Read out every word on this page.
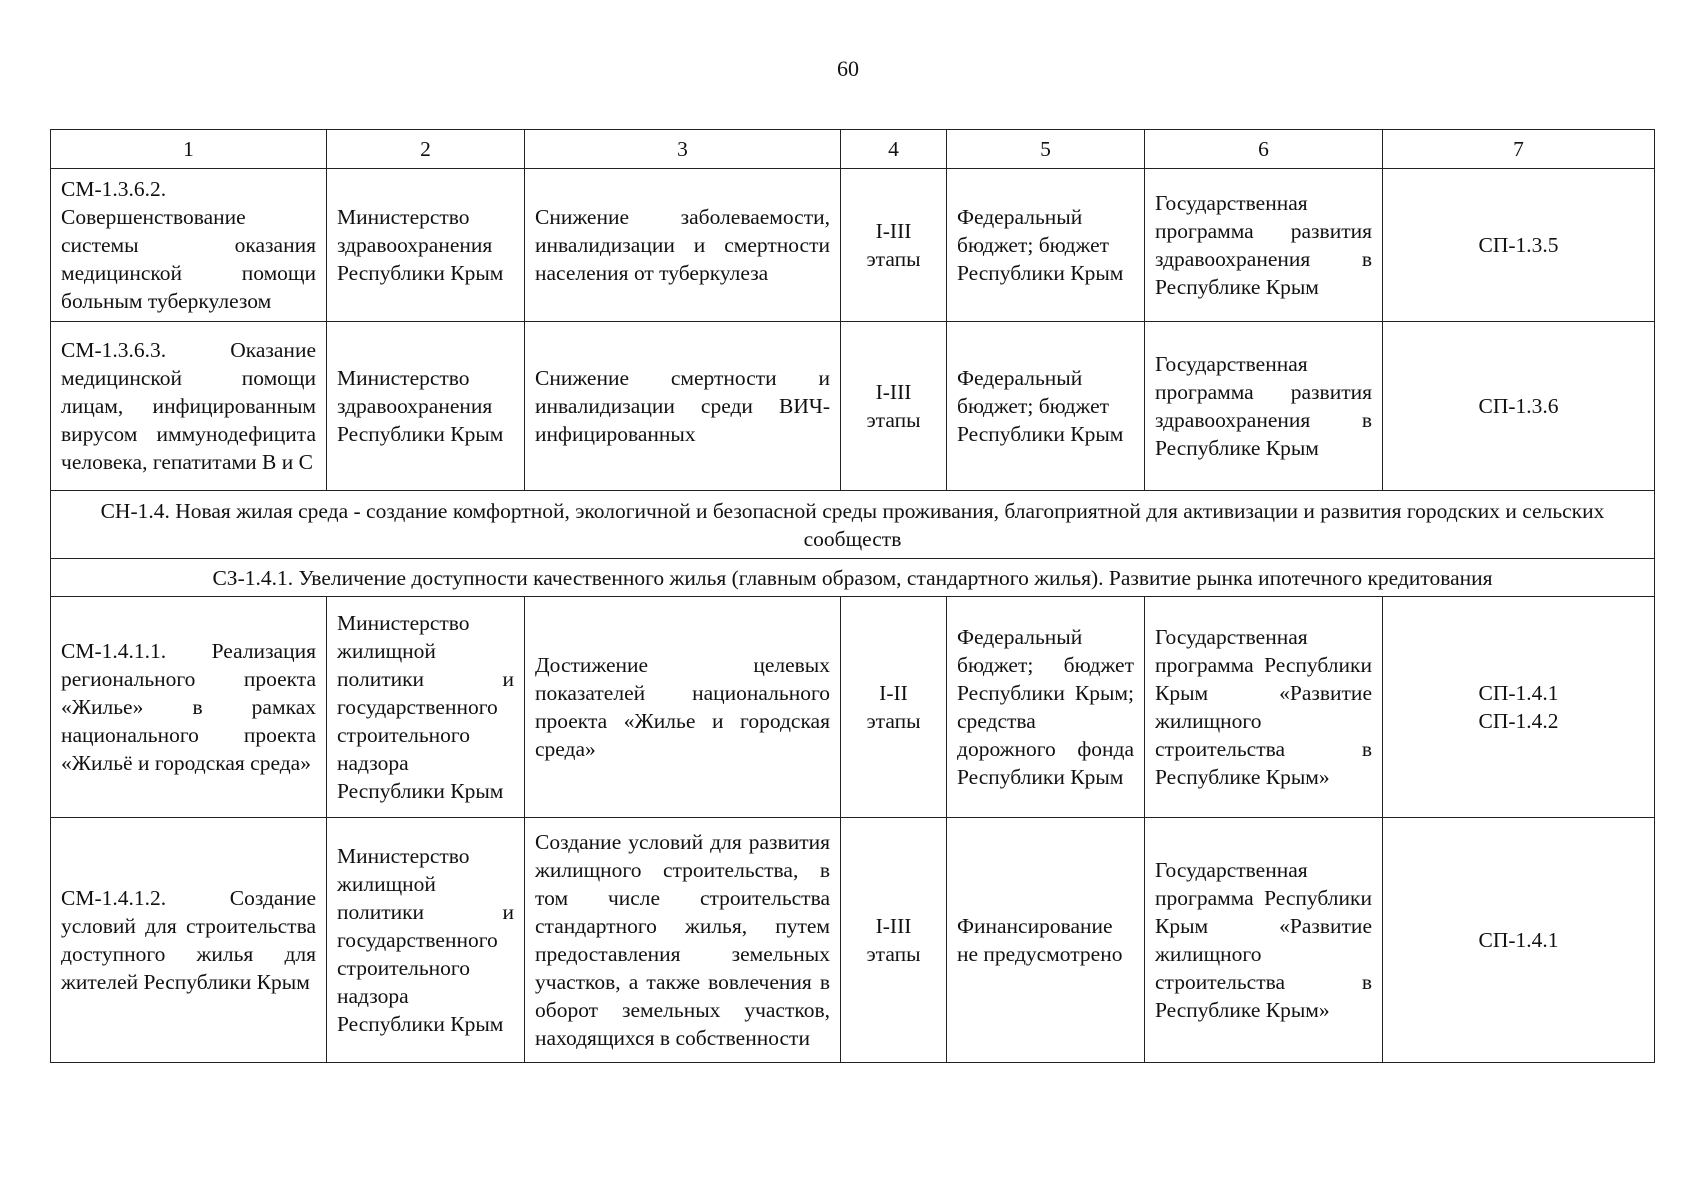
60
1	2	3	4	5	6	7
СМ-1.3.6.2. Совершенствование системы оказания медицинской помощи больным туберкулезом	Министерство здравоохранения Республики Крым	Снижение заболеваемости, инвалидизации и смертности населения от туберкулеза	I-III этапы	Федеральный бюджет; бюджет Республики Крым	Государственная программа развития здравоохранения в Республике Крым	СП-1.3.5

СМ-1.3.6.3. Оказание медицинской помощи лицам, инфицированным вирусом иммунодефицита человека, гепатитами В и С	Министерство здравоохранения Республики Крым	Снижение смертности и инвалидизации среди ВИЧ-инфицированных	I-III этапы	Федеральный бюджет; бюджет Республики Крым	Государственная программа развития здравоохранения в Республике Крым	СП-1.3.6

СН-1.4. Новая жилая среда - создание комфортной, экологичной и безопасной среды проживания, благоприятной для активизации и развития городских и сельских сообществ						
СЗ-1.4.1. Увеличение доступности качественного жилья (главным образом, стандартного жилья). Развитие рынка ипотечного кредитования						
СМ-1.4.1.1. Реализация регионального проекта «Жилье» в рамках национального проекта «Жильё и городская среда»	Министерство жилищной политики и государственного строительного надзора Республики Крым	Достижение целевых показателей национального проекта «Жилье и городская среда»	I-II этапы	Федеральный бюджет; бюджет Республики Крым; средства дорожного фонда Республики Крым	Государственная программа Республики Крым «Развитие жилищного строительства в Республике Крым»	СП-1.4.1
СП-1.4.2

СМ-1.4.1.2. Создание условий для строительства доступного жилья для жителей Республики Крым	Министерство жилищной политики и государственного строительного надзора Республики Крым	Создание условий для развития жилищного строительства, в том числе строительства стандартного жилья, путем предоставления земельных участков, а также вовлечения в оборот земельных участков, находящихся в собственности	I-III этапы	Финансирование не предусмотрено	Государственная программа Республики Крым «Развитие жилищного строительства в Республике Крым»	СП-1.4.1
